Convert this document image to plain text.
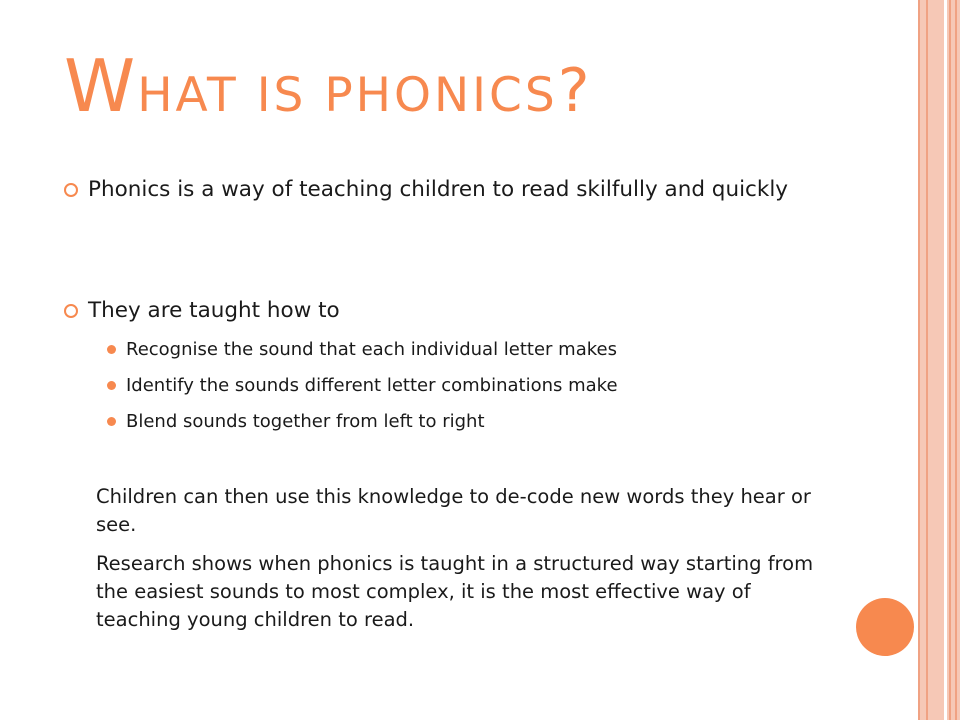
WHAT IS PHONICS?
Phonics is a way of teaching children to read skilfully and quickly
They are taught how to
Recognise the sound that each individual letter makes
Identify the sounds different letter combinations make
Blend sounds together from left to right
Children can then use this knowledge to de-code new words they hear or see.
Research shows when phonics is taught in a structured way starting from the easiest sounds to most complex, it is the most effective way of teaching young children to read.
